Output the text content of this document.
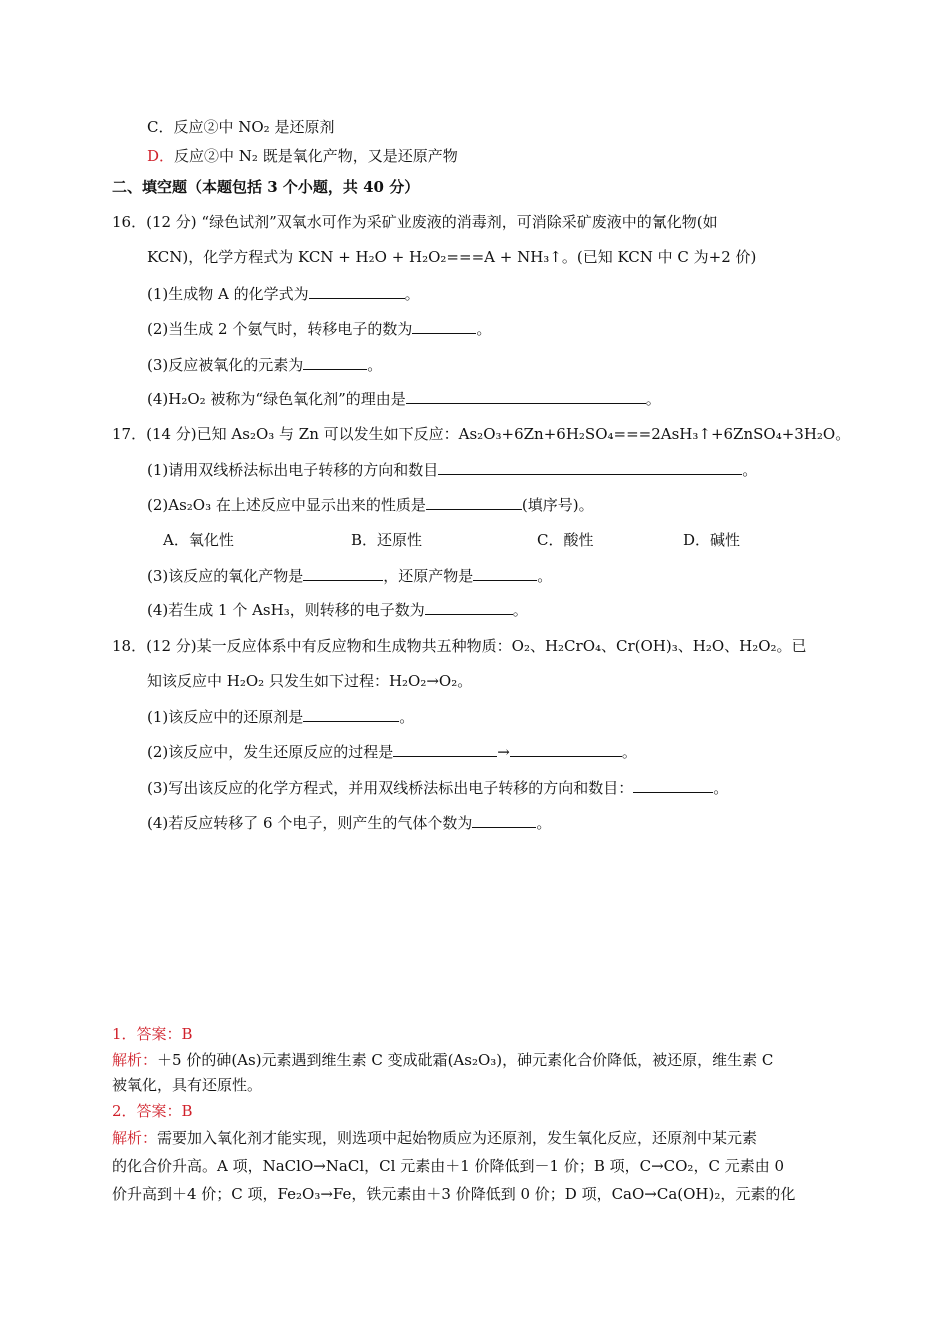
C．反应②中 NO₂ 是还原剂
D．反应②中 N₂ 既是氧化产物，又是还原产物
二、填空题（本题包括 3 个小题，共 40 分）
16．(12 分) “绿色试剂”双氧水可作为采矿业废液的消毒剂，可消除采矿废液中的氰化物(如
KCN)，化学方程式为 KCN + H₂O + H₂O₂===A + NH₃↑。(已知 KCN 中 C 为+2 价)
(1)生成物 A 的化学式为	。
(2)当生成 2 个氨气时，转移电子的数为	。
(3)反应被氧化的元素为	。
(4)H₂O₂ 被称为“绿色氧化剂”的理由是	。
17．(14 分)已知 As₂O₃ 与 Zn 可以发生如下反应：As₂O₃+6Zn+6H₂SO₄===2AsH₃↑+6ZnSO₄+3H₂O。
(1)请用双线桥法标出电子转移的方向和数目	。
(2)As₂O₃ 在上述反应中显示出来的性质是	(填序号)。
A．氧化性	B．还原性	C．酸性	D．碱性
(3)该反应的氧化产物是	，还原产物是	。
(4)若生成 1 个 AsH₃，则转移的电子数为	。
18．(12 分)某一反应体系中有反应物和生成物共五种物质：O₂、H₂CrO₄、Cr(OH)₃、H₂O、H₂O₂。已
知该反应中 H₂O₂ 只发生如下过程：H₂O₂→O₂。
(1)该反应中的还原剂是	。
(2)该反应中，发生还原反应的过程是	→	。
(3)写出该反应的化学方程式，并用双线桥法标出电子转移的方向和数目：	。
(4)若反应转移了 6 个电子，则产生的气体个数为	。
1．答案：B
解析：＋5 价的砷(As)元素遇到维生素 C 变成砒霜(As₂O₃)，砷元素化合价降低，被还原，维生素 C
被氧化，具有还原性。
2．答案：B
解析：需要加入氧化剂才能实现，则选项中起始物质应为还原剂，发生氧化反应，还原剂中某元素
的化合价升高。A 项，NaClO→NaCl，Cl 元素由＋1 价降低到－1 价；B 项，C→CO₂，C 元素由 0
价升高到＋4 价；C 项，Fe₂O₃→Fe，铁元素由＋3 价降低到 0 价；D 项，CaO→Ca(OH)₂，元素的化
